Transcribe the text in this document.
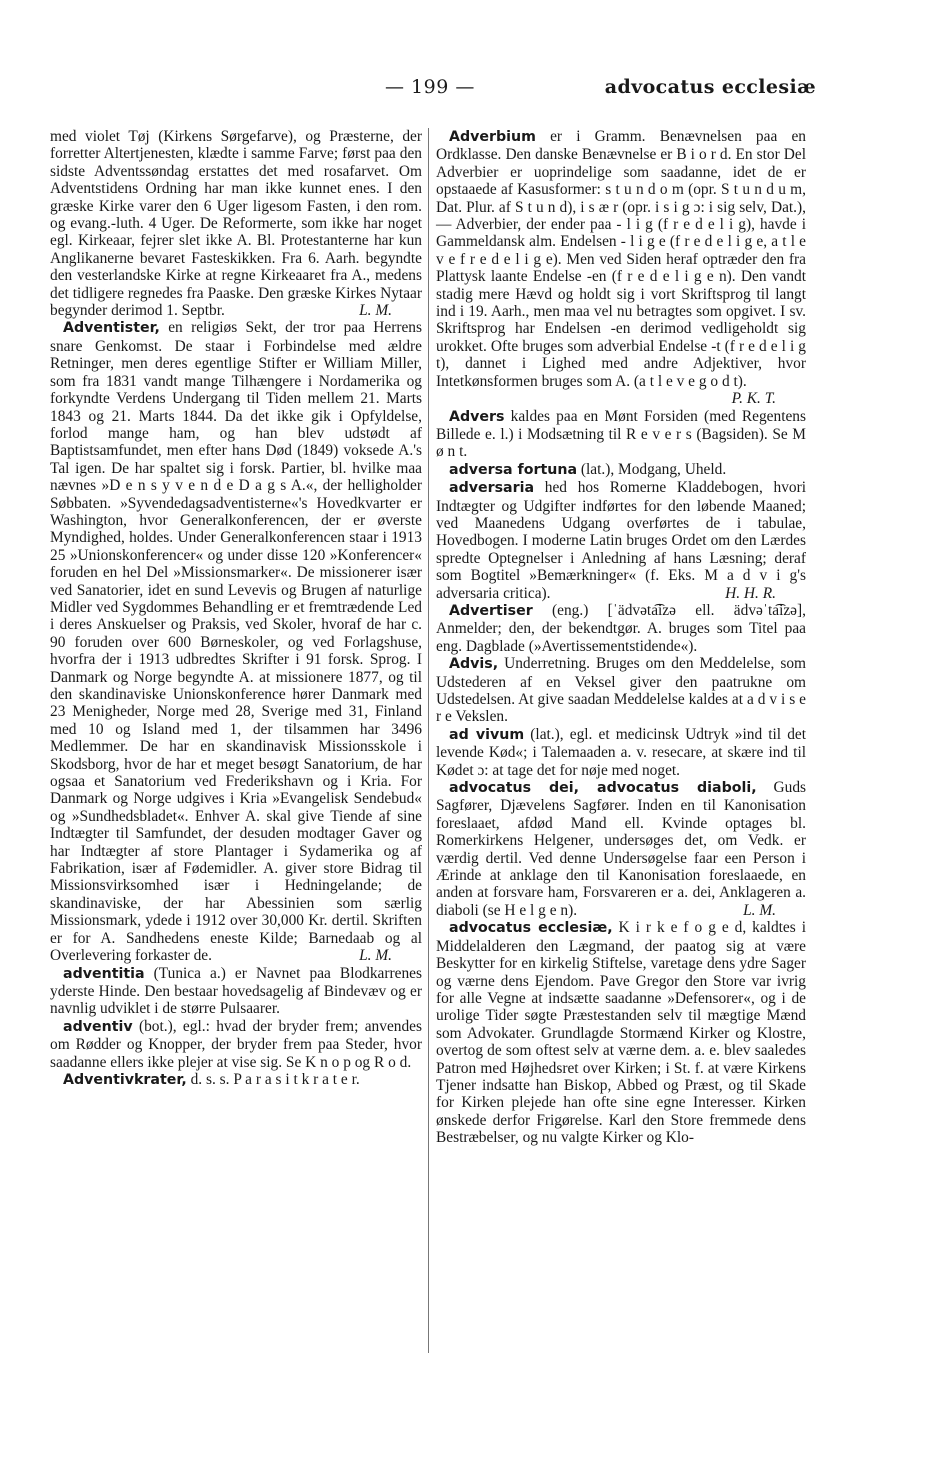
— 199 —	advocatus ecclesiæ

med violet Tøj (Kirkens Sørgefarve), og Præsterne, der forretter Altertjenesten, klædte i samme Farve; først paa den sidste Adventssøndag erstattes det med rosafarvet. Om Adventstidens Ordning har man ikke kunnet enes. I den græske Kirke varer den 6 Uger ligesom Fasten, i den rom. og evang.-luth. 4 Uger. De Reformerte, som ikke har noget egl. Kirkeaar, fejrer slet ikke A. Bl. Protestanterne har kun Anglikanerne bevaret Fasteskikken. Fra 6. Aarh. begyndte den vesterlandske Kirke at regne Kirkeaaret fra A., medens det tidligere regnedes fra Paaske. Den græske Kirkes Nytaar begynder derimod 1. Septbr.	L. M.

Adventister, en religiøs Sekt, der tror paa Herrens snare Genkomst. De staar i Forbindelse med ældre Retninger, men deres egentlige Stifter er William Miller, som fra 1831 vandt mange Tilhængere i Nordamerika og forkyndte Verdens Undergang til Tiden mellem 21. Marts 1843 og 21. Marts 1844. Da det ikke gik i Opfyldelse, forlod mange ham, og han blev udstødt af Baptistsamfundet, men efter hans Død (1849) voksede A.'s Tal igen. De har spaltet sig i forsk. Partier, bl. hvilke maa nævnes »D e n s y v e n d e D a g s A.«, der helligholder Søbbaten. »Syvendedagsadventisterne«'s Hovedkvarter er Washington, hvor Generalkonferencen, der er øverste Myndighed, holdes. Under Generalkonferencen staar i 1913 25 »Unionskonferencer« og under disse 120 »Konferencer« foruden en hel Del »Missionsmarker«. De missionerer især ved Sanatorier, idet en sund Levevis og Brugen af naturlige Midler ved Sygdommes Behandling er et fremtrædende Led i deres Anskuelser og Praksis, ved Skoler, hvoraf de har c. 90 foruden over 600 Børneskoler, og ved Forlagshuse, hvorfra der i 1913 udbredtes Skrifter i 91 forsk. Sprog. I Danmark og Norge begyndte A. at missionere 1877, og til den skandinaviske Unionskonference hører Danmark med 23 Menigheder, Norge med 28, Sverige med 31, Finland med 10 og Island med 1, der tilsammen har 3496 Medlemmer. De har en skandinavisk Missionsskole i Skodsborg, hvor de har et meget besøgt Sanatorium, de har ogsaa et Sanatorium ved Frederikshavn og i Kria. For Danmark og Norge udgives i Kria »Evangelisk Sendebud« og »Sundhedsbladet«. Enhver A. skal give Tiende af sine Indtægter til Samfundet, der desuden modtager Gaver og har Indtægter af store Plantager i Sydamerika og af Fabrikation, især af Fødemidler. A. giver store Bidrag til Missionsvirksomhed især i Hedningelande; de skandinaviske, der har Abessinien som særlig Missionsmark, ydede i 1912 over 30,000 Kr. dertil. Skriften er for A. Sandhedens eneste Kilde; Barnedaab og al Overlevering forkaster de.	L. M.

adventitia (Tunica a.) er Navnet paa Blodkarrenes yderste Hinde. Den bestaar hovedsagelig af Bindevæv og er navnlig udviklet i de større Pulsaarer.

adventiv (bot.), egl.: hvad der bryder frem; anvendes om Rødder og Knopper, der bryder frem paa Steder, hvor saadanne ellers ikke plejer at vise sig. Se K n o p og R o d.

Adventivkrater, d. s. s. P a r a s i t k r a t e r.

Adverbium er i Gramm. Benævnelsen paa en Ordklasse. Den danske Benævnelse er B i o r d. En stor Del Adverbier er uoprindelige som saadanne, idet de er opstaaede af Kasusformer: s t u n d o m (opr. S t u n d u m, Dat. Plur. af S t u n d), i s æ r (opr. i s i g ɔ: i sig selv, Dat.), — Adverbier, der ender paa - l i g (f r e d e l i g), havde i Gammeldansk alm. Endelsen - l i g e (f r e d e l i g e, a t l e v e f r e d e l i g e). Men ved Siden heraf optræder den fra Plattysk laante Endelse -en (f r e d e l i g e n). Den vandt stadig mere Hævd og holdt sig i vort Skriftsprog til langt ind i 19. Aarh., men maa vel nu betragtes som opgivet. I sv. Skriftsprog har Endelsen -en derimod vedligeholdt sig urokket. Ofte bruges som adverbial Endelse -t (f r e d e l i g t), dannet i Lighed med andre Adjektiver, hvor Intetkønsformen bruges som A. (a t l e v e g o d t).
P. K. T.

Advers kaldes paa en Mønt Forsiden (med Regentens Billede e. l.) i Modsætning til R e v e r s (Bagsiden). Se M ø n t.

adversa fortuna (lat.), Modgang, Uheld.

adversaria hed hos Romerne Kladdebogen, hvori Indtægter og Udgifter indførtes for den løbende Maaned; ved Maanedens Udgang overførtes de i tabulae, Hovedbogen. I moderne Latin bruges Ordet om den Lærdes spredte Optegnelser i Anledning af hans Læsning; deraf som Bogtitel »Bemærkninger« (f. Eks. M a d v i g's adversaria critica).	H. H. R.

Advertiser (eng.) [ˈädvəta͡izə ell. ädvəˈta͡izə], Anmelder; den, der bekendtgør. A. bruges som Titel paa eng. Dagblade (»Avertissementstidende«).

Advis, Underretning. Bruges om den Meddelelse, som Udstederen af en Veksel giver den paatrukne om Udstedelsen. At give saadan Meddelelse kaldes at a d v i s e r e Vekslen.

ad vivum (lat.), egl. et medicinsk Udtryk »ind til det levende Kød«; i Talemaaden a. v. resecare, at skære ind til Kødet ɔ: at tage det for nøje med noget.

advocatus dei, advocatus diaboli, Guds Sagfører, Djævelens Sagfører. Inden en til Kanonisation foreslaaet, afdød Mand ell. Kvinde optages bl. Romerkirkens Helgener, undersøges det, om Vedk. er værdig dertil. Ved denne Undersøgelse faar een Person i Ærinde at anklage den til Kanonisation foreslaaede, en anden at forsvare ham, Forsvareren er a. dei, Anklageren a. diaboli (se H e l g e n).	L. M.

advocatus ecclesiæ, K i r k e f o g e d, kaldtes i Middelalderen den Lægmand, der paatog sig at være Beskytter for en kirkelig Stiftelse, varetage dens ydre Sager og værne dens Ejendom. Pave Gregor den Store var ivrig for alle Vegne at indsætte saadanne »Defensorer«, og i de urolige Tider søgte Præstestanden selv til mægtige Mænd som Advokater. Grundlagde Stormænd Kirker og Klostre, overtog de som oftest selv at værne dem. a. e. blev saaledes Patron med Højhedsret over Kirken; i St. f. at være Kirkens Tjener indsatte han Biskop, Abbed og Præst, og til Skade for Kirken plejede han ofte sine egne Interesser. Kirken ønskede derfor Frigørelse. Karl den Store fremmede dens Bestræbelser, og nu valgte Kirker og Klo-
